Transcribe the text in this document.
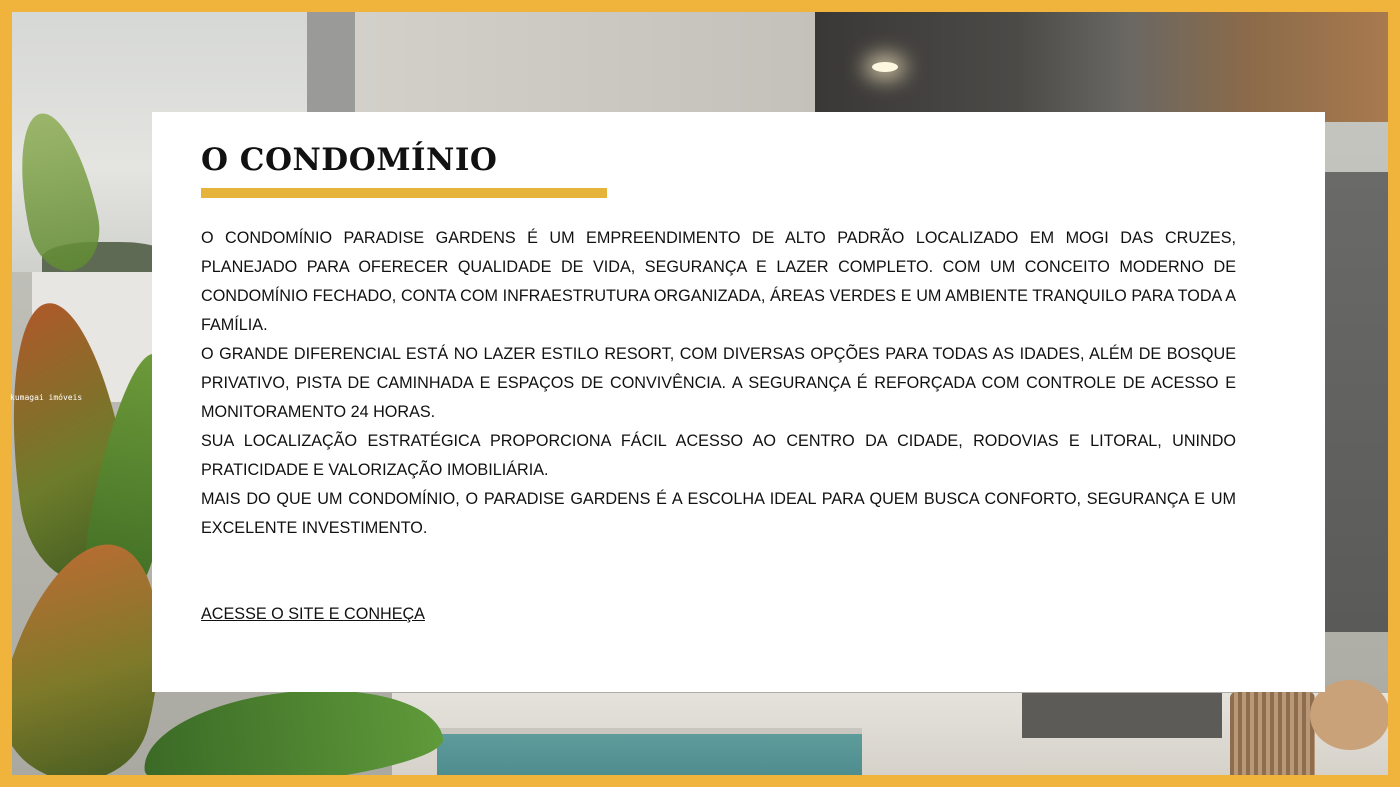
kumagai imóveis
O CONDOMÍNIO

O CONDOMÍNIO PARADISE GARDENS É UM EMPREENDIMENTO DE ALTO PADRÃO LOCALIZADO EM MOGI DAS CRUZES, PLANEJADO PARA OFERECER QUALIDADE DE VIDA, SEGURANÇA E LAZER COMPLETO. COM UM CONCEITO MODERNO DE CONDOMÍNIO FECHADO, CONTA COM INFRAESTRUTURA ORGANIZADA, ÁREAS VERDES E UM AMBIENTE TRANQUILO PARA TODA A FAMÍLIA.

O GRANDE DIFERENCIAL ESTÁ NO LAZER ESTILO RESORT, COM DIVERSAS OPÇÕES PARA TODAS AS IDADES, ALÉM DE BOSQUE PRIVATIVO, PISTA DE CAMINHADA E ESPAÇOS DE CONVIVÊNCIA. A SEGURANÇA É REFORÇADA COM CONTROLE DE ACESSO E MONITORAMENTO 24 HORAS.

SUA LOCALIZAÇÃO ESTRATÉGICA PROPORCIONA FÁCIL ACESSO AO CENTRO DA CIDADE, RODOVIAS E LITORAL, UNINDO PRATICIDADE E VALORIZAÇÃO IMOBILIÁRIA.

MAIS DO QUE UM CONDOMÍNIO, O PARADISE GARDENS É A ESCOLHA IDEAL PARA QUEM BUSCA CONFORTO, SEGURANÇA E UM EXCELENTE INVESTIMENTO.

ACESSE O SITE E CONHEÇA
